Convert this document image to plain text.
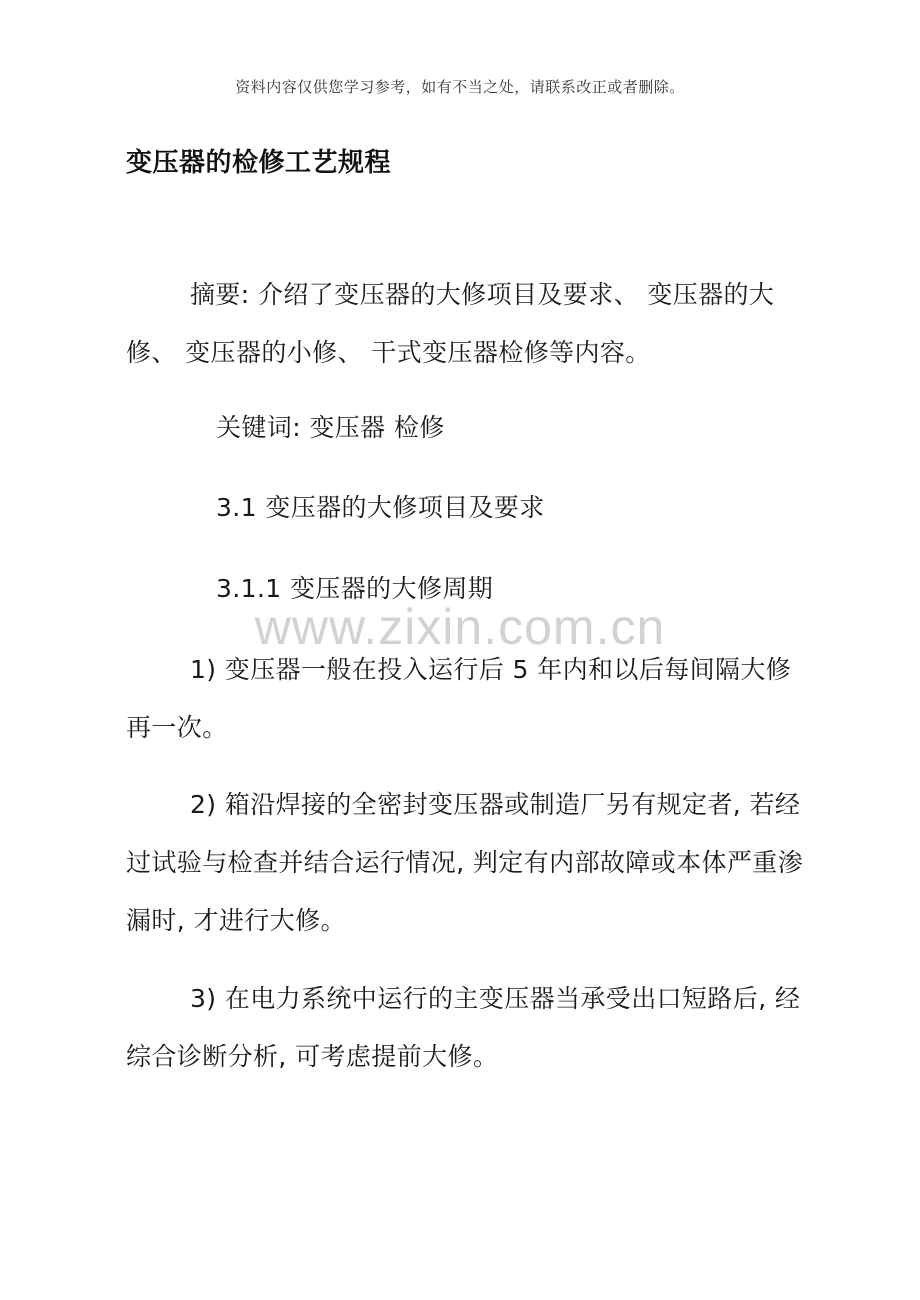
资料内容仅供您学习参考，如有不当之处，请联系改正或者删除。
变压器的检修工艺规程
摘要: 介绍了变压器的大修项目及要求、 变压器的大修、 变压器的小修、 干式变压器检修等内容。
关键词: 变压器 检修
3.1 变压器的大修项目及要求
3.1.1 变压器的大修周期
1) 变压器一般在投入运行后 5 年内和以后每间隔大修再一次。
2) 箱沿焊接的全密封变压器或制造厂另有规定者, 若经过试验与检查并结合运行情况, 判定有内部故障或本体严重渗漏时, 才进行大修。
3) 在电力系统中运行的主变压器当承受出口短路后, 经综合诊断分析, 可考虑提前大修。
www.zixin.com.cn
